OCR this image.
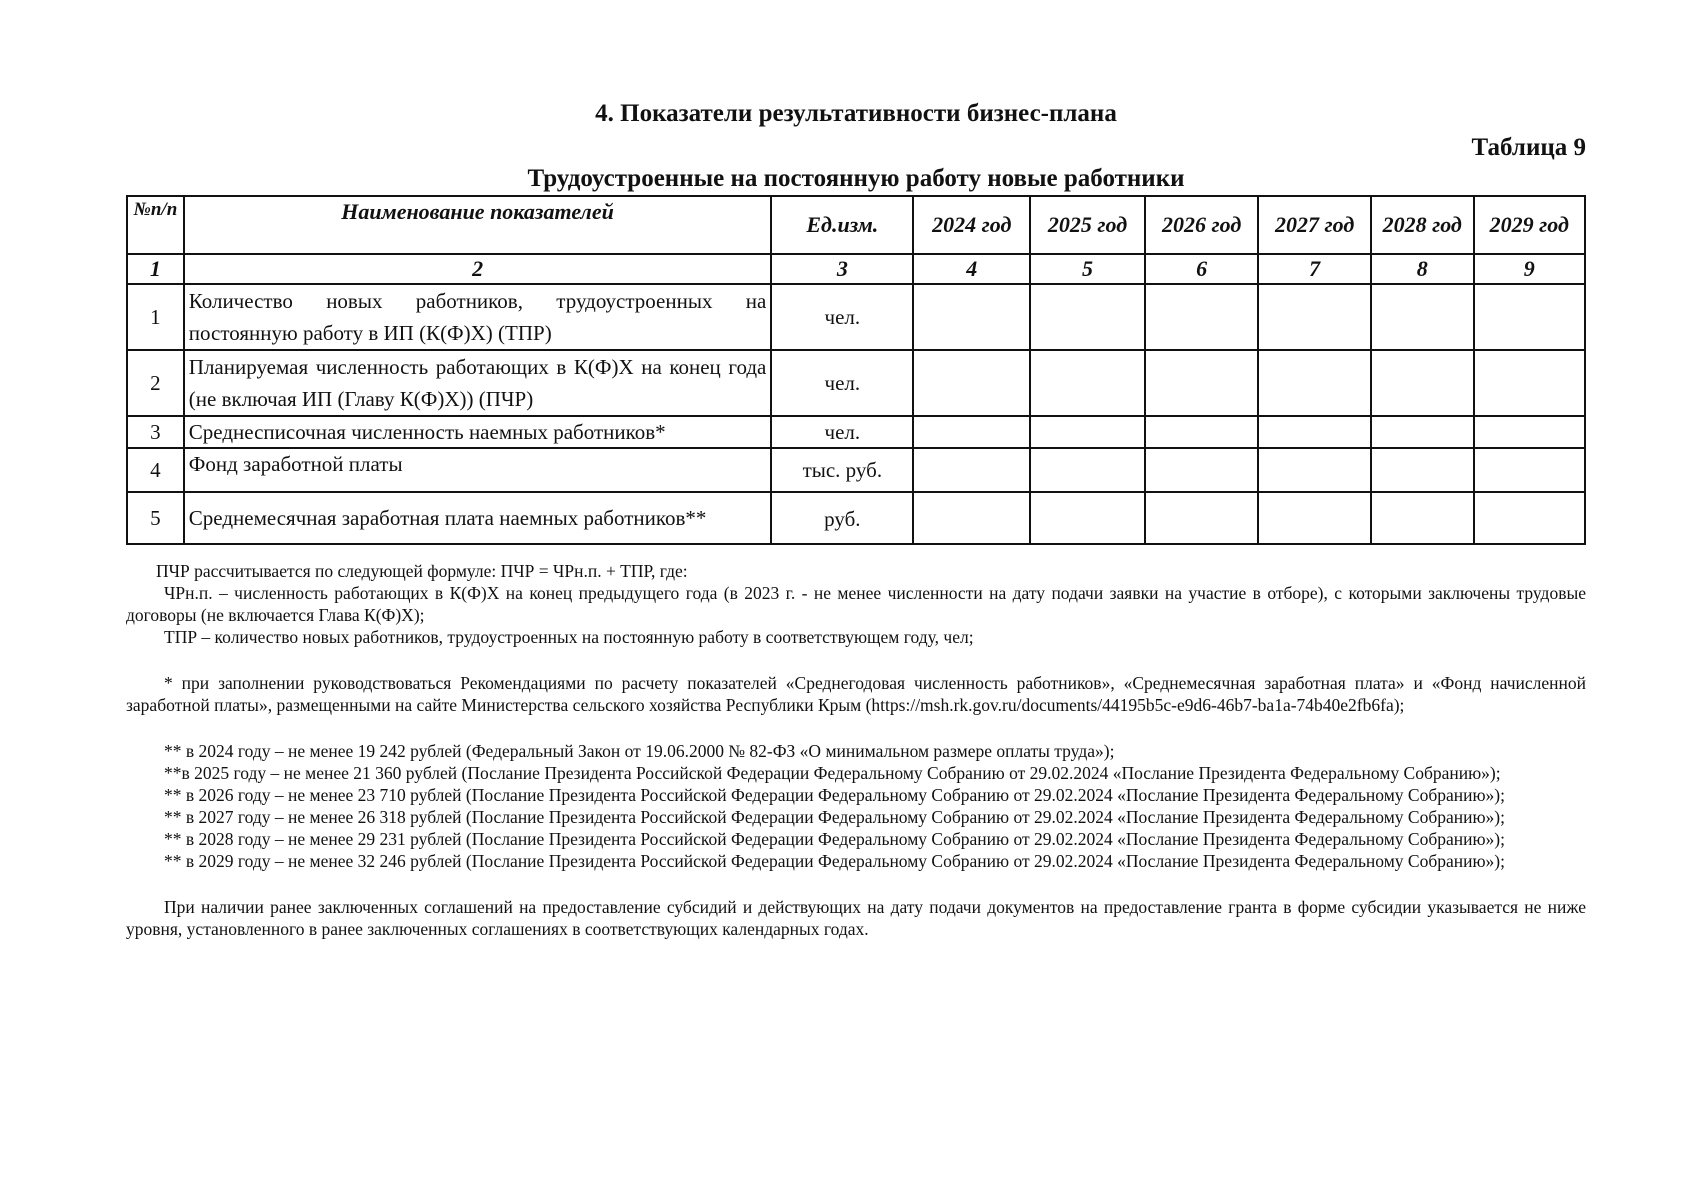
4. Показатели результативности бизнес-плана
Таблица 9
Трудоустроенные на постоянную работу новые работники
№п/п	Наименование показателей	Ед.изм.	2024 год	2025 год	2026 год	2027 год	2028 год	2029 год
1	2	3	4	5	6	7	8	9
1	Количество новых работников, трудоустроенных на постоянную работу в ИП (К(Ф)Х) (ТПР)	чел.						
2	Планируемая численность работающих в К(Ф)Х на конец года (не включая ИП (Главу К(Ф)Х)) (ПЧР)	чел.						
3	Среднесписочная численность наемных работников*	чел.						
4	Фонд заработной платы	тыс. руб.						
5	Среднемесячная заработная плата наемных работников**	руб.						

ПЧР рассчитывается по следующей формуле: ПЧР = ЧРн.п. + ТПР, где:

ЧРн.п. – численность работающих в К(Ф)Х на конец предыдущего года (в 2023 г. - не менее численности на дату подачи заявки на участие в отборе), с которыми заключены трудовые договоры (не включается Глава К(Ф)Х);

ТПР – количество новых работников, трудоустроенных на постоянную работу в соответствующем году, чел;

* при заполнении руководствоваться Рекомендациями по расчету показателей «Среднегодовая численность работников», «Среднемесячная заработная плата» и «Фонд начисленной заработной платы», размещенными на сайте Министерства сельского хозяйства Республики Крым (https://msh.rk.gov.ru/documents/44195b5c-e9d6-46b7-ba1a-74b40e2fb6fa);

** в 2024 году – не менее 19 242 рублей (Федеральный Закон от 19.06.2000 № 82-ФЗ «О минимальном размере оплаты труда»);

**в 2025 году – не менее 21 360 рублей (Послание Президента Российской Федерации Федеральному Собранию от 29.02.2024 «Послание Президента Федеральному Собранию»);

** в 2026 году – не менее 23 710 рублей (Послание Президента Российской Федерации Федеральному Собранию от 29.02.2024 «Послание Президента Федеральному Собранию»);

** в 2027 году – не менее 26 318 рублей (Послание Президента Российской Федерации Федеральному Собранию от 29.02.2024 «Послание Президента Федеральному Собранию»);

** в 2028 году – не менее 29 231 рублей (Послание Президента Российской Федерации Федеральному Собранию от 29.02.2024 «Послание Президента Федеральному Собранию»);

** в 2029 году – не менее 32 246 рублей (Послание Президента Российской Федерации Федеральному Собранию от 29.02.2024 «Послание Президента Федеральному Собранию»);

При наличии ранее заключенных соглашений на предоставление субсидий и действующих на дату подачи документов на предоставление гранта в форме субсидии указывается не ниже уровня, установленного в ранее заключенных соглашениях в соответствующих календарных годах.
